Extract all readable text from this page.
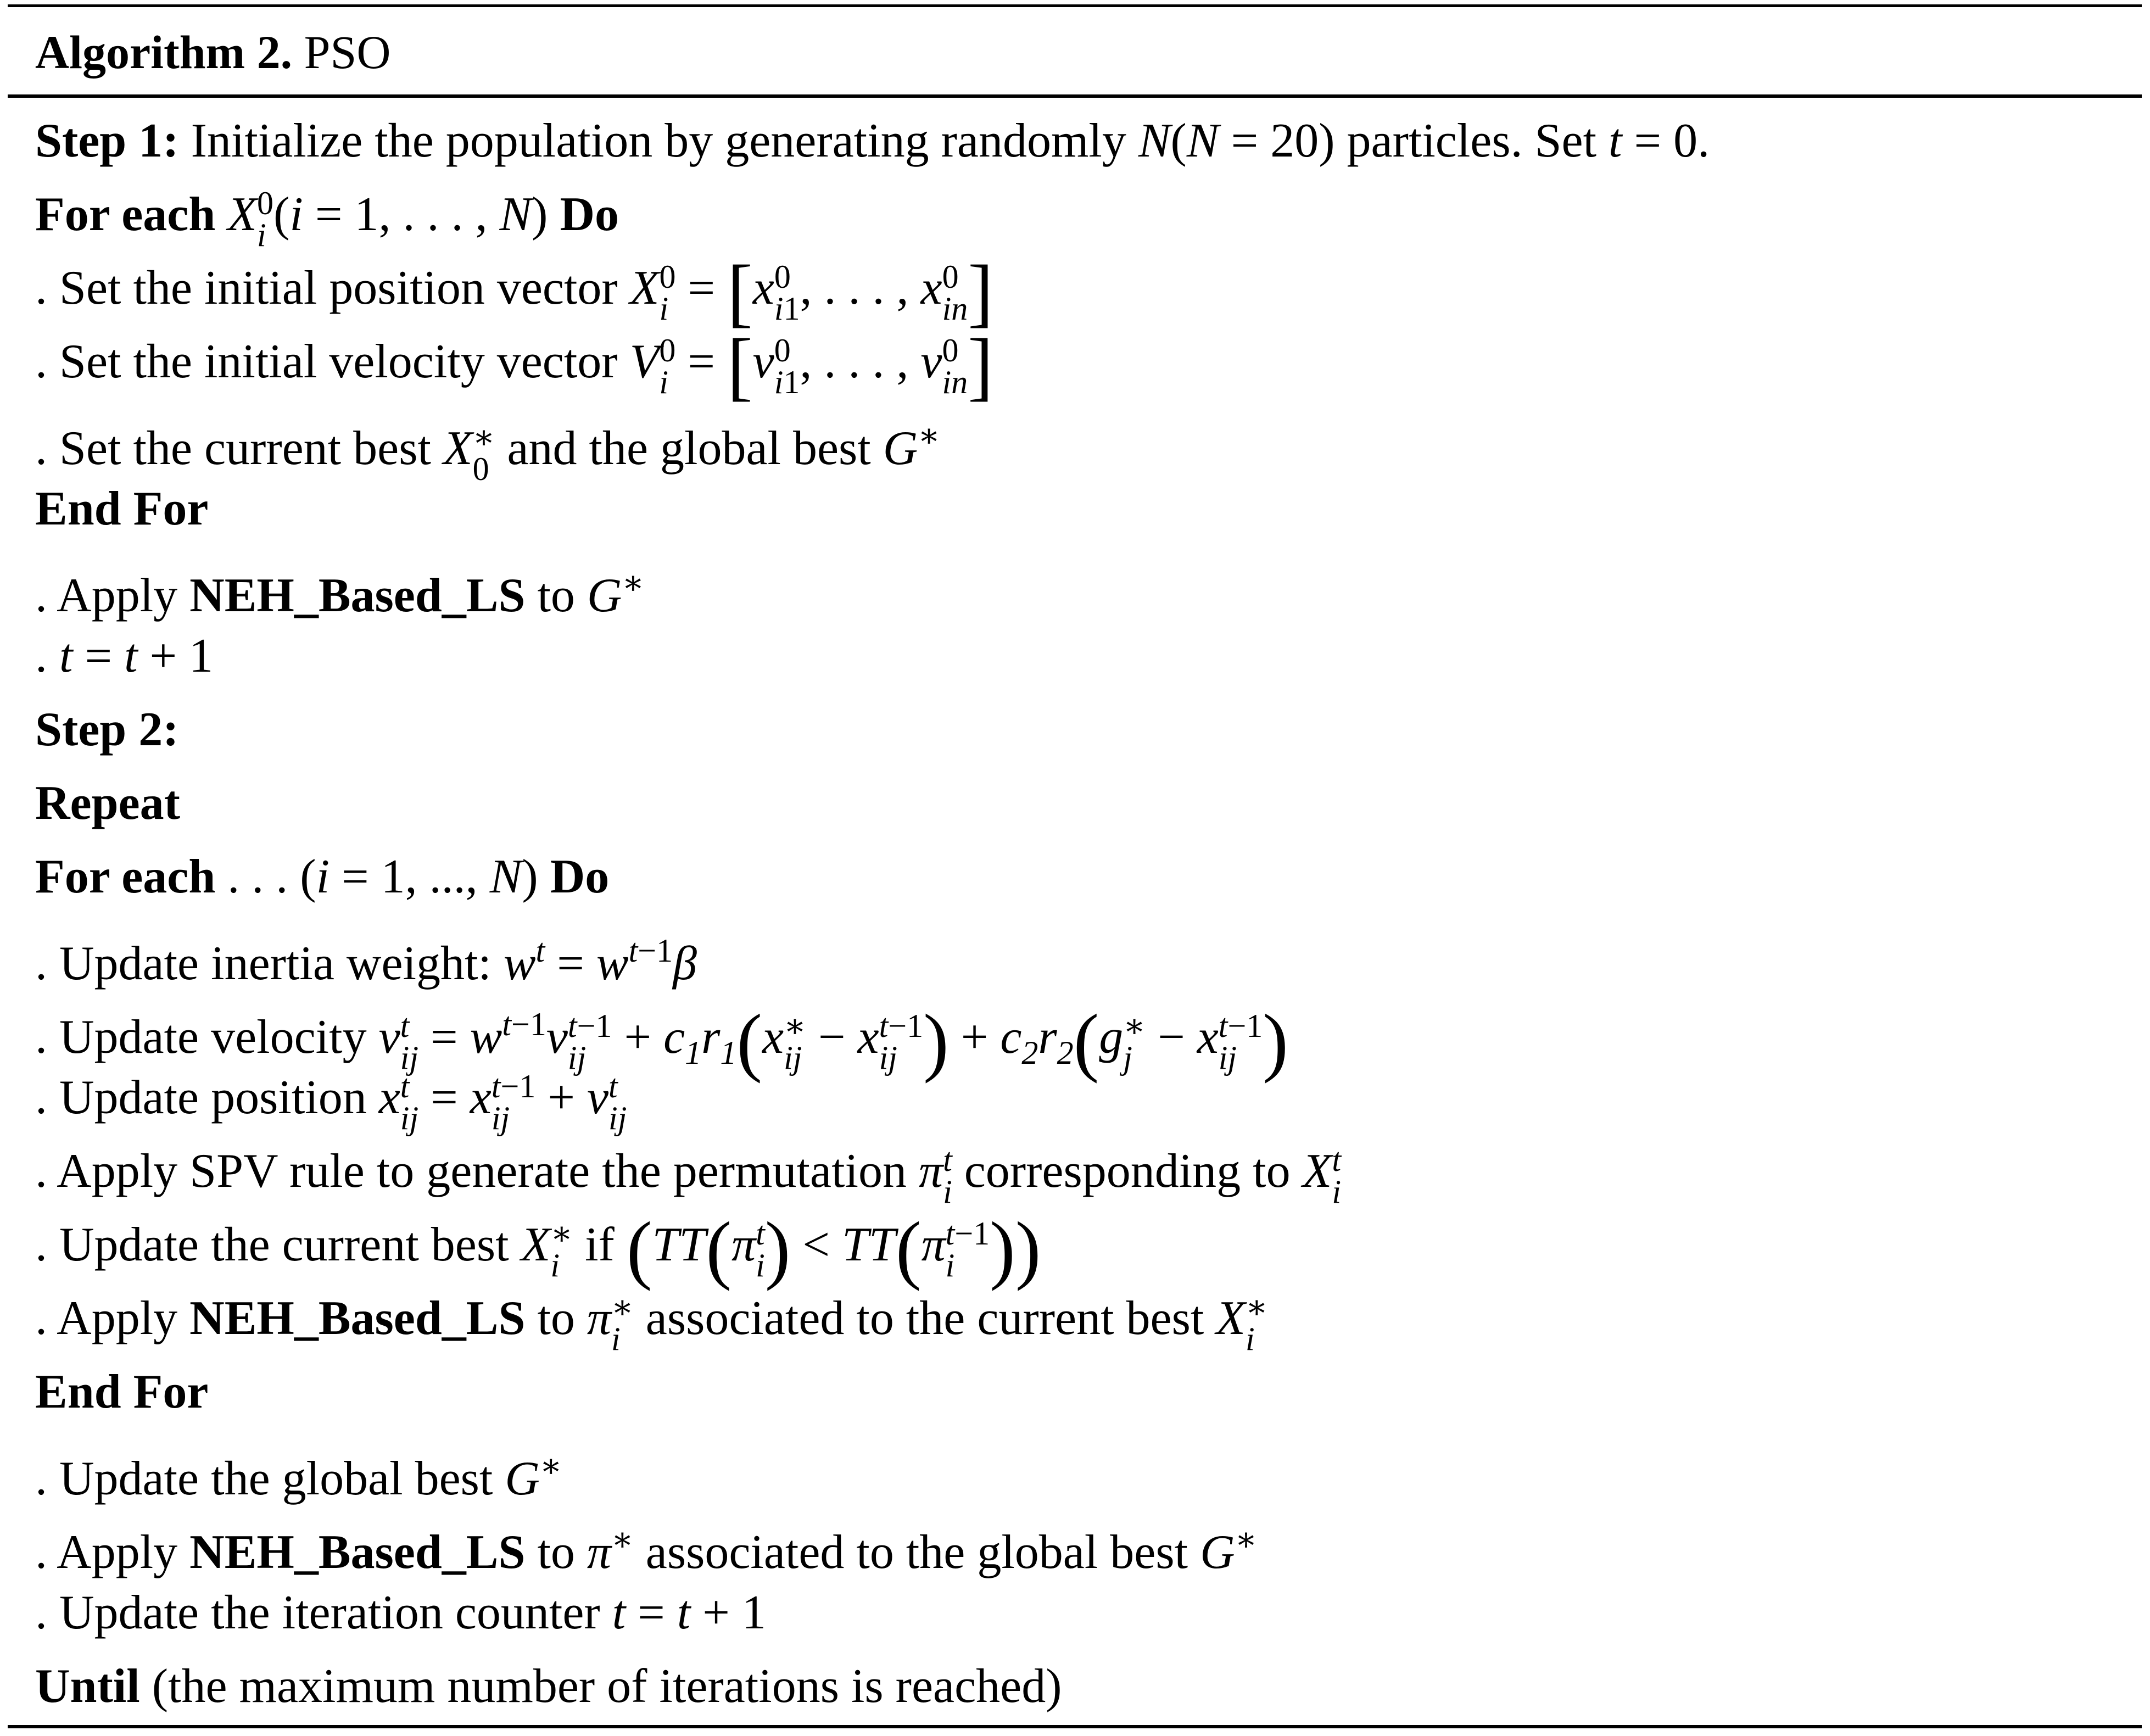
Algorithm 2. PSO
Step 1: Initialize the population by generating randomly N(N = 20) particles. Set t = 0.
For each X 0
i (i = 1, . . . , N) Do
. Set the initial position vector X 0
i = [x 0
i1 , . . . , x 0
in ]
. Set the initial velocity vector V 0
i = [v 0
i1 , . . . , v 0
in ]
. Set the current best X ∗
0 and the global best G∗
End For
. Apply NEH_Based_LS to G∗
. t = t + 1
Step 2:
Repeat
For each . . . (i = 1, ..., N) Do
. Update inertia weight: $w^t = w^{t-1}\beta$
. Update velocity v t
ij = $w^{t-1}v$ t−1
ij + $c_1r_1(x$ ∗
ij − x t−1
ij ) + $c_2r_2(g$ ∗
j − x t−1
ij )
. Update position x t
ij = x t−1
ij + v t
ij
. Apply SPV rule to generate the permutation π t
i corresponding to X t
i
. Update the current best X ∗
i if (TT(π t
i ) < TT(π t−1
i ))
. Apply NEH_Based_LS to π ∗
i associated to the current best X ∗
i
End For
. Update the global best G∗
. Apply NEH_Based_LS to π∗ associated to the global best G∗
. Update the iteration counter t = t + 1
Until (the maximum number of iterations is reached)
